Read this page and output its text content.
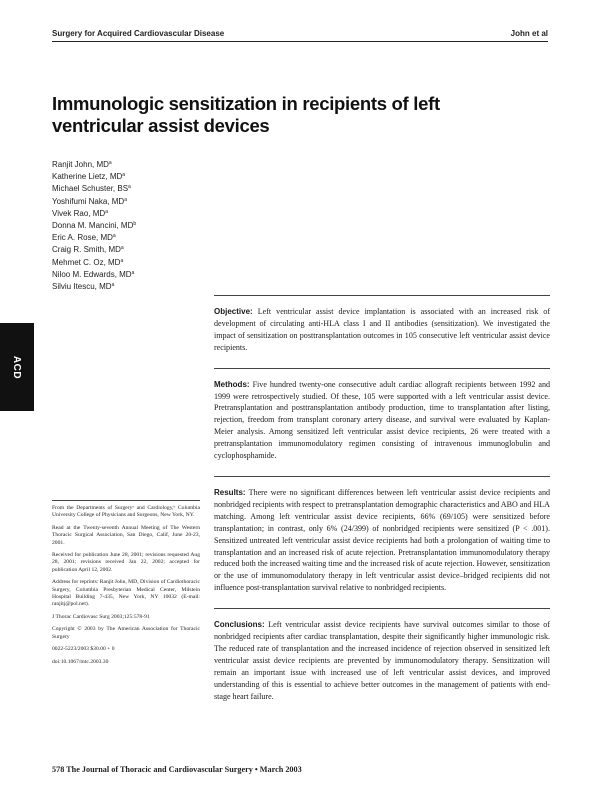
Surgery for Acquired Cardiovascular Disease	John et al
Immunologic sensitization in recipients of left ventricular assist devices
Ranjit John, $MD^a$
Katherine Lietz, $MD^a$
Michael Schuster, $BS^a$
Yoshifumi Naka, $MD^a$
Vivek Rao, $MD^a$
Donna M. Mancini, $MD^b$
Eric A. Rose, $MD^a$
Craig R. Smith, $MD^a$
Mehmet C. Oz, $MD^a$
Niloo M. Edwards, $MD^a$
Silviu Itescu, $MD^a$
ACD

Objective: Left ventricular assist device implantation is associated with an increased risk of development of circulating anti-HLA class I and II antibodies (sensitization). We investigated the impact of sensitization on posttransplantation outcomes in 105 consecutive left ventricular assist device recipients.

Methods: Five hundred twenty-one consecutive adult cardiac allograft recipients between 1992 and 1999 were retrospectively studied. Of these, 105 were supported with a left ventricular assist device. Pretransplantation and posttransplantation antibody production, time to transplantation after listing, rejection, freedom from transplant coronary artery disease, and survival were evaluated by Kaplan-Meier analysis. Among sensitized left ventricular assist device recipients, 26 were treated with a pretransplantation immunomodulatory regimen consisting of intravenous immunoglobulin and cyclophosphamide.

Results: There were no significant differences between left ventricular assist device recipients and nonbridged recipients with respect to pretransplantation demographic characteristics and ABO and HLA matching. Among left ventricular assist device recipients, 66% (69/105) were sensitized before transplantation; in contrast, only 6% (24/399) of nonbridged recipients were sensitized (P < .001). Sensitized untreated left ventricular assist device recipients had both a prolongation of waiting time to transplantation and an increased risk of acute rejection. Pretransplantation immunomodulatory therapy reduced both the increased waiting time and the increased risk of acute rejection. However, sensitization or the use of immunomodulatory therapy in left ventricular assist device–bridged recipients did not influence post-transplantation survival relative to nonbridged recipients.

Conclusions: Left ventricular assist device recipients have survival outcomes similar to those of nonbridged recipients after cardiac transplantation, despite their significantly higher immunologic risk. The reduced rate of transplantation and the increased incidence of rejection observed in sensitized left ventricular assist device recipients are prevented by immunomodulatory therapy. Sensitization will remain an important issue with increased use of left ventricular assist devices, and improved understanding of this is essential to achieve better outcomes in the management of patients with end-stage heart failure.

From the Departments of Surgeryᵃ and Cardiology,ᵇ Columbia University College of Physicians and Surgeons, New York, NY.

Read at the Twenty-seventh Annual Meeting of The Western Thoracic Surgical Association, San Diego, Calif, June 20-23, 2001.

Received for publication June 28, 2001; revisions requested Aug 28, 2001; revisions received Jan 22, 2002; accepted for publication April 12, 2002.

Address for reprints: Ranjit John, MD, Division of Cardiothoracic Surgery, Columbia Presbyterian Medical Center, Milstein Hospital Building 7-435, New York, NY 10032 (E-mail: ranjitj@pol.net).

J Thorac Cardiovasc Surg 2003;125:578-91

Copyright © 2003 by The American Association for Thoracic Surgery

0022-5223/2003 $30.00 + 0

doi:10.1067/mtc.2003.30

578 The Journal of Thoracic and Cardiovascular Surgery • March 2003
